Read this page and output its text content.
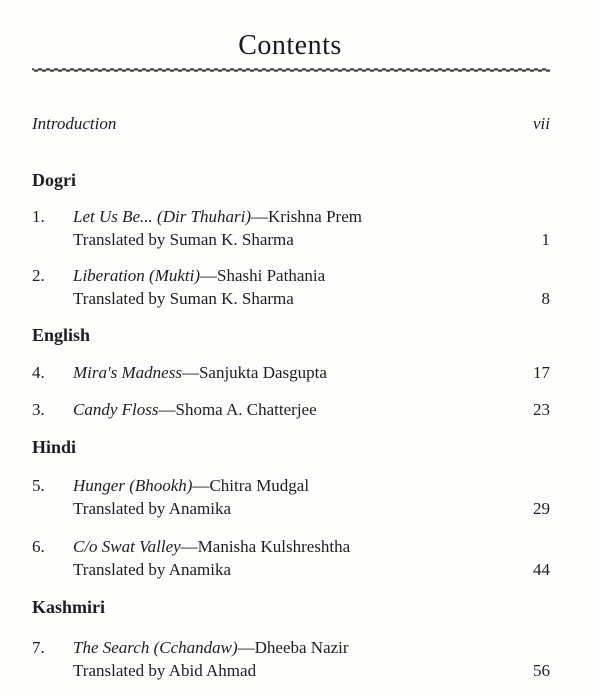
Contents
Introduction	vii
Dogri
1. Let Us Be... (Dir Thuhari)—Krishna Prem
Translated by Suman K. Sharma	1
2. Liberation (Mukti)—Shashi Pathania
Translated by Suman K. Sharma	8
English
4. Mira's Madness—Sanjukta Dasgupta	17
3. Candy Floss—Shoma A. Chatterjee	23
Hindi
5. Hunger (Bhookh)—Chitra Mudgal
Translated by Anamika	29
6. C/o Swat Valley—Manisha Kulshreshtha
Translated by Anamika	44
Kashmiri
7. The Search (Cchandaw)—Dheeba Nazir
Translated by Abid Ahmad	56
